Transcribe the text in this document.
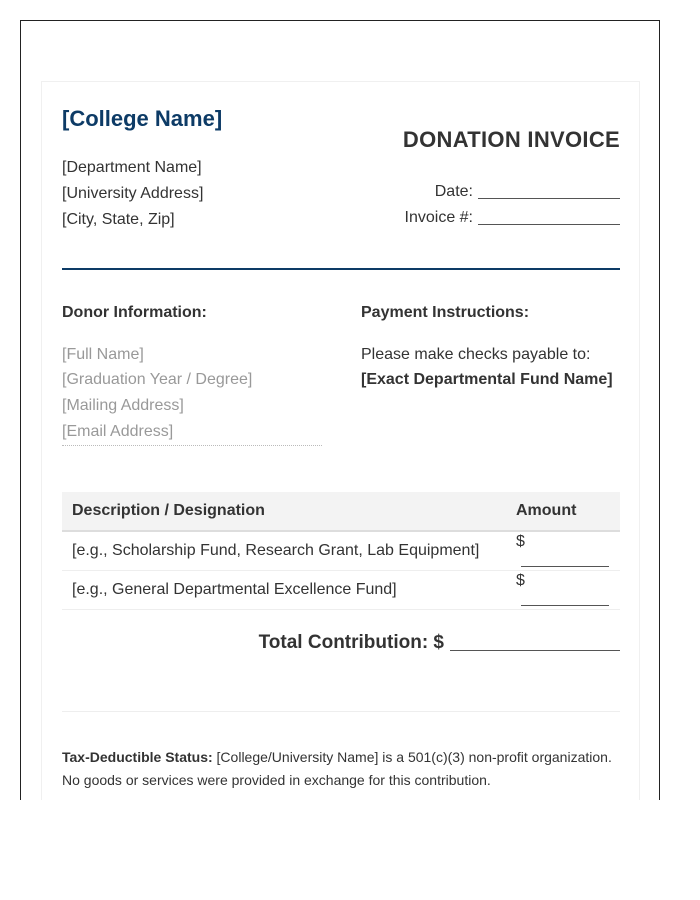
[College Name]
[Department Name]
[University Address]
[City, State, Zip]
DONATION INVOICE
Date:
Invoice #:
Donor Information:
[Full Name]
[Graduation Year / Degree]
[Mailing Address]
[Email Address]
Payment Instructions:
Please make checks payable to:
[Exact Departmental Fund Name]
Description / Designation	Amount
[e.g., Scholarship Fund, Research Grant, Lab Equipment]	$
[e.g., General Departmental Excellence Fund]	$
Total Contribution: $
Tax-Deductible Status: [College/University Name] is a 501(c)(3) non-profit organization. No goods or services were provided in exchange for this contribution.
